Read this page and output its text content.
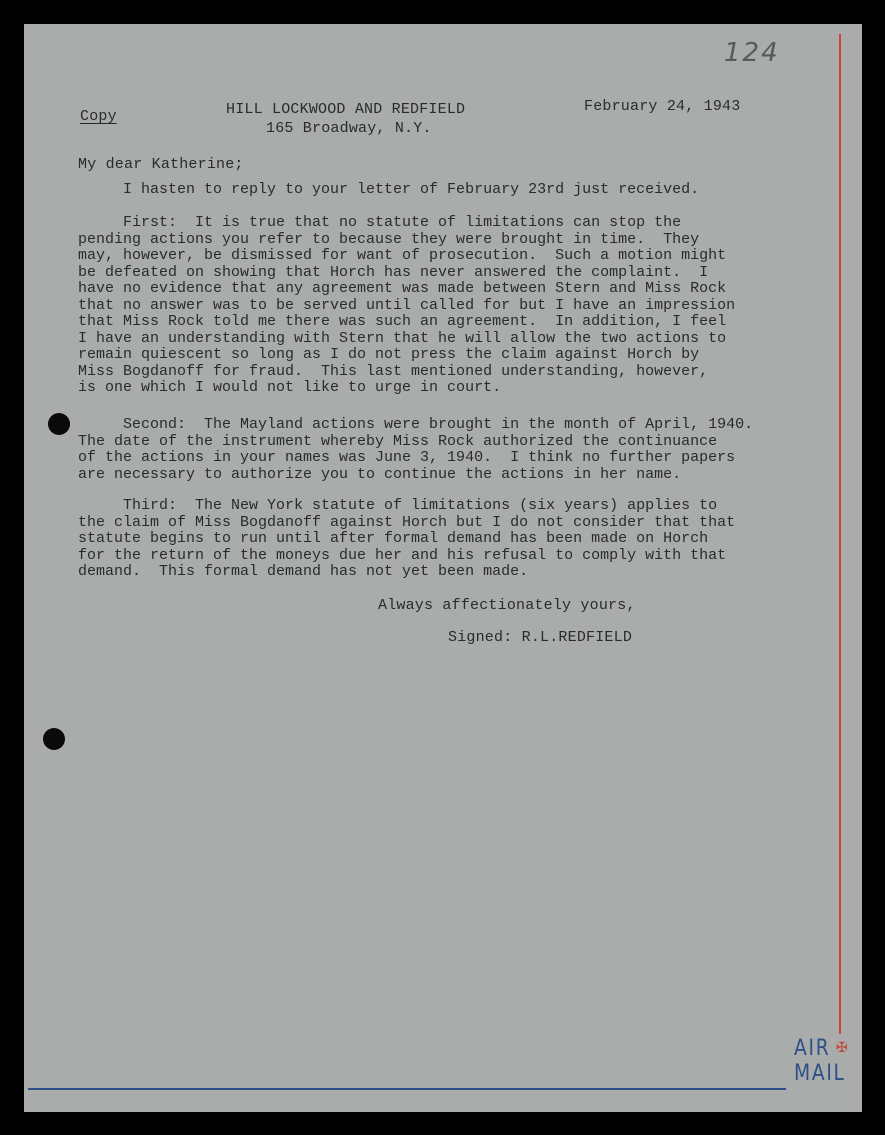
124
Copy	HILL LOCKWOOD AND REDFIELD
165 Broadway, N.Y.
February 24, 1943
My dear Katherine;
I hasten to reply to your letter of February 23rd just received.
First:  It is true that no statute of limitations can stop the
pending actions you refer to because they were brought in time.  They
may, however, be dismissed for want of prosecution.  Such a motion might
be defeated on showing that Horch has never answered the complaint.  I
have no evidence that any agreement was made between Stern and Miss Rock
that no answer was to be served until called for but I have an impression
that Miss Rock told me there was such an agreement.  In addition, I feel
I have an understanding with Stern that he will allow the two actions to
remain quiescent so long as I do not press the claim against Horch by
Miss Bogdanoff for fraud.  This last mentioned understanding, however,
is one which I would not like to urge in court.
Second:  The Mayland actions were brought in the month of April, 1940.
The date of the instrument whereby Miss Rock authorized the continuance
of the actions in your names was June 3, 1940.  I think no further papers
are necessary to authorize you to continue the actions in her name.
Third:  The New York statute of limitations (six years) applies to
the claim of Miss Bogdanoff against Horch but I do not consider that that
statute begins to run until after formal demand has been made on Horch
for the return of the moneys due her and his refusal to comply with that
demand.  This formal demand has not yet been made.
Always affectionately yours,
Signed: R.L.REDFIELD
AIR
MAIL
✠
